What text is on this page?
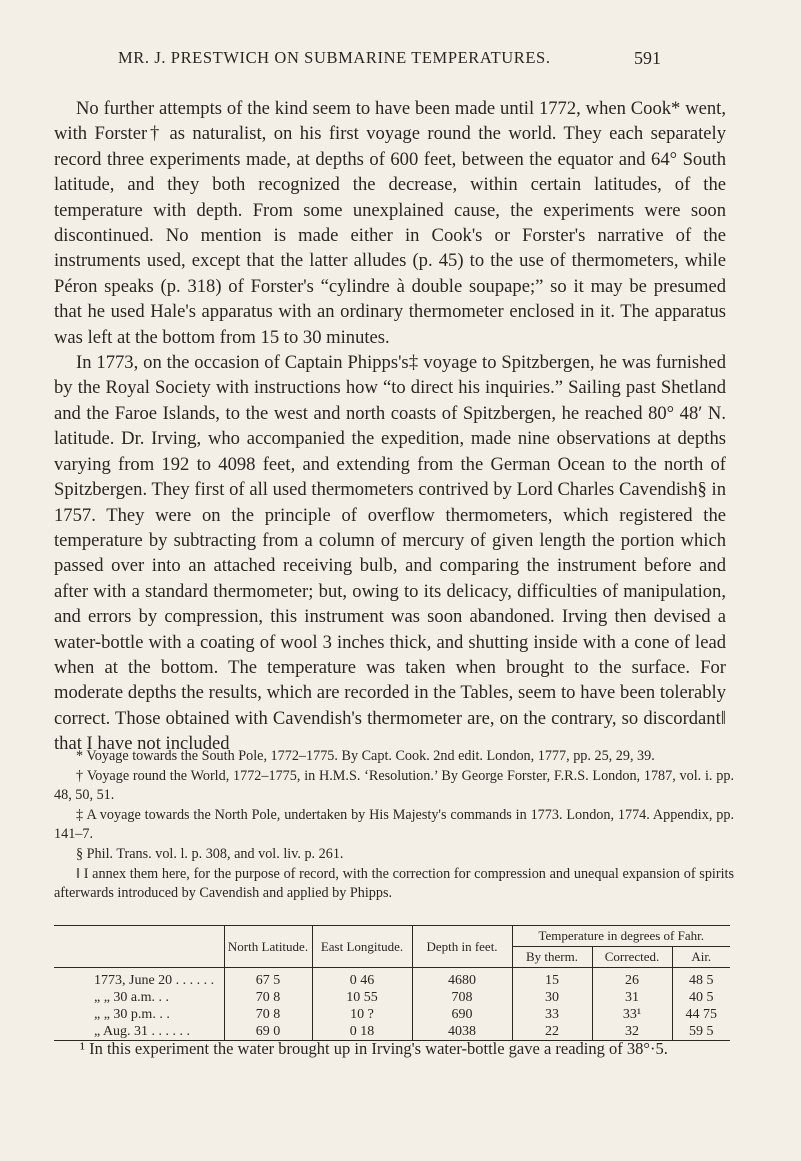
MR. J. PRESTWICH ON SUBMARINE TEMPERATURES.	591

No further attempts of the kind seem to have been made until 1772, when Cook* went, with Forster† as naturalist, on his first voyage round the world. They each separately record three experiments made, at depths of 600 feet, between the equator and 64° South latitude, and they both recognized the decrease, within certain latitudes, of the temperature with depth. From some unexplained cause, the experiments were soon discontinued. No mention is made either in Cook's or Forster's narrative of the instruments used, except that the latter alludes (p. 45) to the use of thermometers, while Péron speaks (p. 318) of Forster's “cylindre à double soupape;” so it may be presumed that he used Hale's apparatus with an ordinary thermometer enclosed in it. The apparatus was left at the bottom from 15 to 30 minutes.

In 1773, on the occasion of Captain Phipps's‡ voyage to Spitzbergen, he was furnished by the Royal Society with instructions how “to direct his inquiries.” Sailing past Shetland and the Faroe Islands, to the west and north coasts of Spitzbergen, he reached 80° 48′ N. latitude. Dr. Irving, who accompanied the expedition, made nine observations at depths varying from 192 to 4098 feet, and extending from the German Ocean to the north of Spitzbergen. They first of all used thermometers contrived by Lord Charles Cavendish§ in 1757. They were on the principle of overflow thermometers, which registered the temperature by subtracting from a column of mercury of given length the portion which passed over into an attached receiving bulb, and comparing the instrument before and after with a standard thermometer; but, owing to its delicacy, difficulties of manipulation, and errors by compression, this instrument was soon abandoned. Irving then devised a water-bottle with a coating of wool 3 inches thick, and shutting inside with a cone of lead when at the bottom. The temperature was taken when brought to the surface. For moderate depths the results, which are recorded in the Tables, seem to have been tolerably correct. Those obtained with Cavendish's thermometer are, on the contrary, so discordant‖ that I have not included

* Voyage towards the South Pole, 1772–1775. By Capt. Cook. 2nd edit. London, 1777, pp. 25, 29, 39.

† Voyage round the World, 1772–1775, in H.M.S. ‘Resolution.’ By George Forster, F.R.S. London, 1787, vol. i. pp. 48, 50, 51.

‡ A voyage towards the North Pole, undertaken by His Majesty's commands in 1773. London, 1774. Appendix, pp. 141–7.

§ Phil. Trans. vol. l. p. 308, and vol. liv. p. 261.

‖ I annex them here, for the purpose of record, with the correction for compression and unequal expansion of spirits afterwards introduced by Cavendish and applied by Phipps.

	North Latitude.	East Longitude.	Depth in feet.	Temperature in degrees of Fahr.		
				By therm.	Corrected.	Air.
1773, June 20 . . . . . .	67 5	0 46	4680	15	26	48 5
„ „ 30 a.m. . .	70 8	10 55	708	30	31	40 5
„ „ 30 p.m. . .	70 8	10 ?	690	33	33¹	44 75
„ Aug. 31 . . . . . .	69 0	0 18	4038	22	32	59 5
¹ In this experiment the water brought up in Irving's water-bottle gave a reading of 38°·5.
